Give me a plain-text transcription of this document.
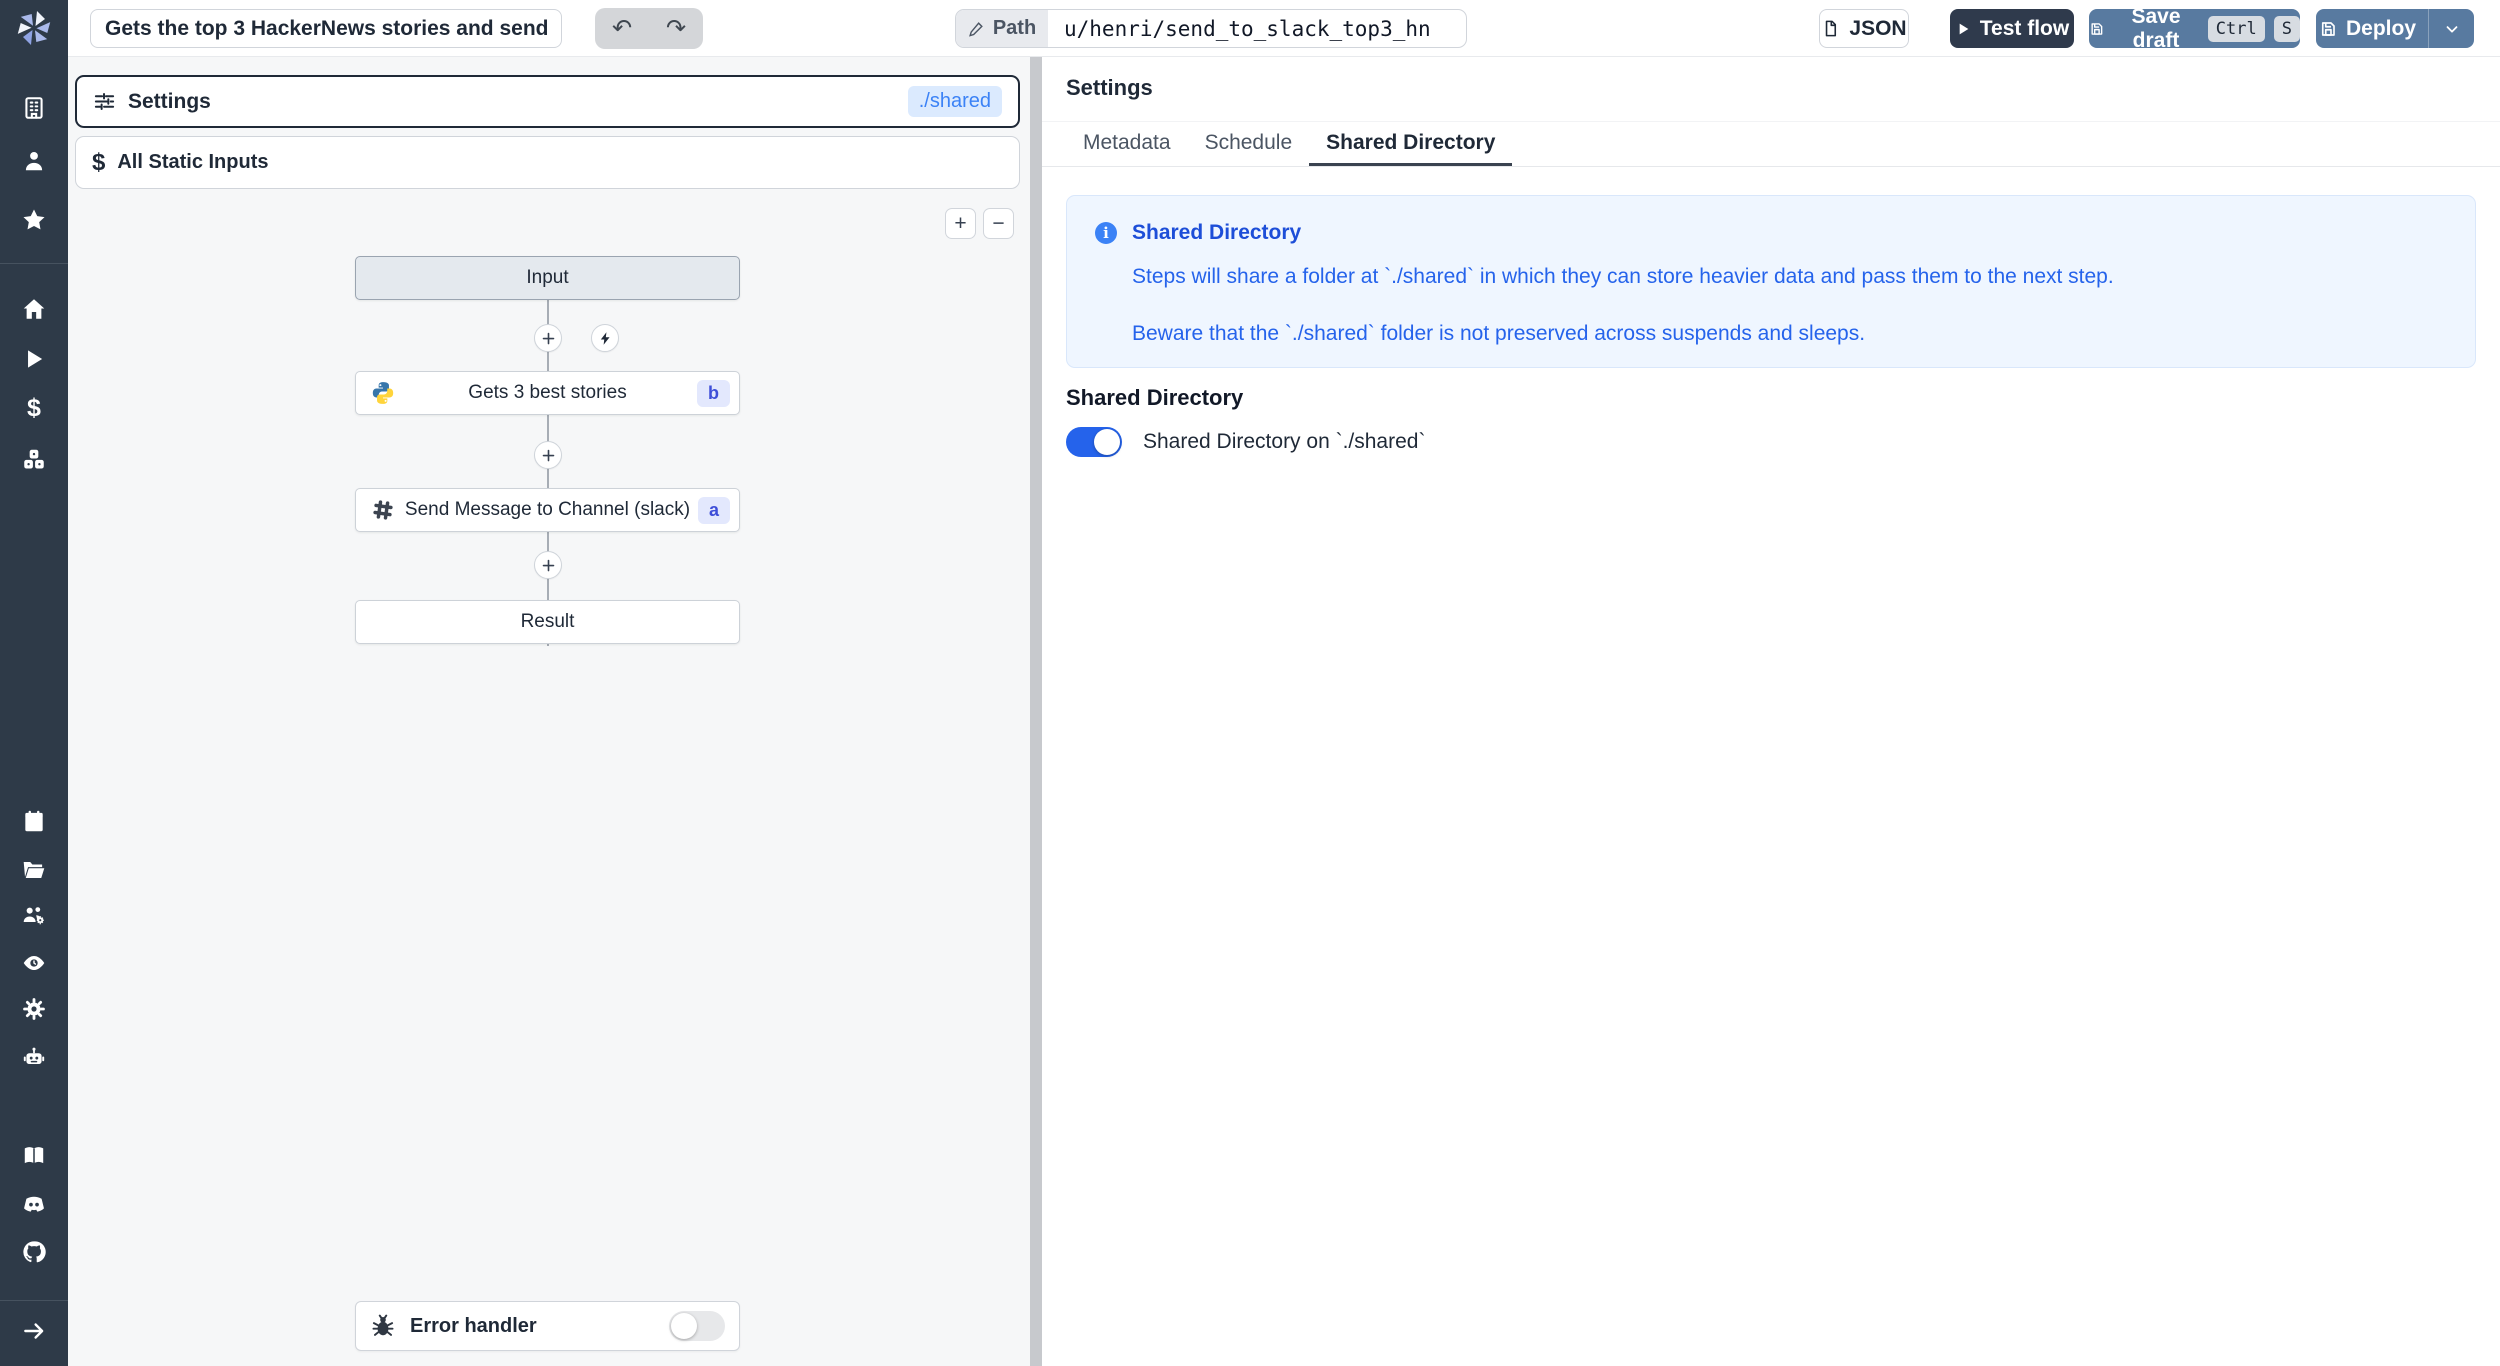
$
Gets the top 3 HackerNews stories and send them
↶	↷	Path	u/henri/send_to_slack_top3_hn	JSON	Test flow
Save draft	Ctrl	S	Deploy
Settings	./shared
$ All Static Inputs
+	−
Input
Gets 3 best stories	b
Send Message to Channel (slack)	a
Result
Error handler
Settings
Metadata	Schedule	Shared Directory
i	Shared Directory

Steps will share a folder at `./shared` in which they can store heavier data and pass them to the next step.

Beware that the `./shared` folder is not preserved across suspends and sleeps.

Shared Directory
Shared Directory on `./shared`
